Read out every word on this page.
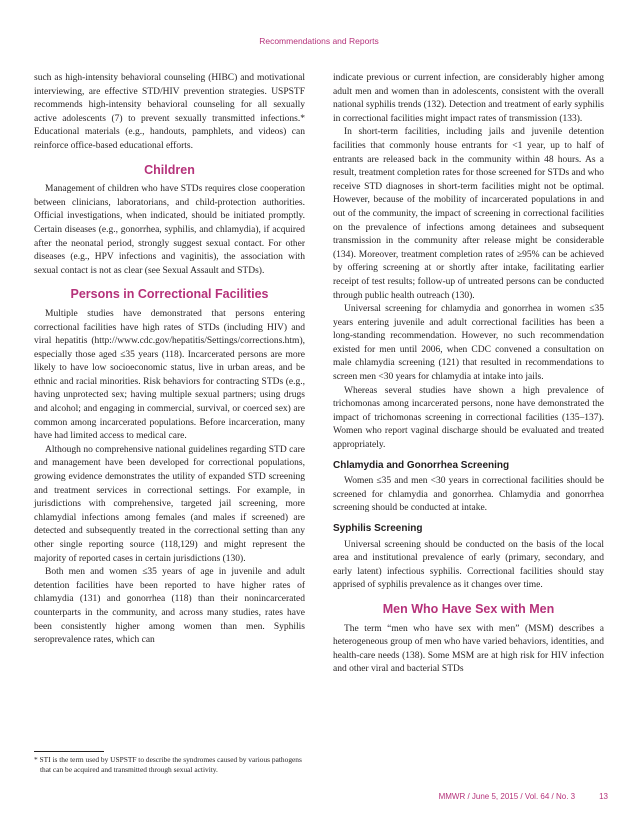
Recommendations and Reports

such as high-intensity behavioral counseling (HIBC) and motivational interviewing, are effective STD/HIV prevention strategies. USPSTF recommends high-intensity behavioral counseling for all sexually active adolescents (7) to prevent sexually transmitted infections.* Educational materials (e.g., handouts, pamphlets, and videos) can reinforce office-based educational efforts.

Children

Management of children who have STDs requires close cooperation between clinicians, laboratorians, and child-protection authorities. Official investigations, when indicated, should be initiated promptly. Certain diseases (e.g., gonorrhea, syphilis, and chlamydia), if acquired after the neonatal period, strongly suggest sexual contact. For other diseases (e.g., HPV infections and vaginitis), the association with sexual contact is not as clear (see Sexual Assault and STDs).

Persons in Correctional Facilities

Multiple studies have demonstrated that persons entering correctional facilities have high rates of STDs (including HIV) and viral hepatitis (http://www.cdc.gov/hepatitis/Settings/corrections.htm), especially those aged ≤35 years (118). Incarcerated persons are more likely to have low socioeconomic status, live in urban areas, and be ethnic and racial minorities. Risk behaviors for contracting STDs (e.g., having unprotected sex; having multiple sexual partners; using drugs and alcohol; and engaging in commercial, survival, or coerced sex) are common among incarcerated populations. Before incarceration, many have had limited access to medical care.

Although no comprehensive national guidelines regarding STD care and management have been developed for correctional populations, growing evidence demonstrates the utility of expanded STD screening and treatment services in correctional settings. For example, in jurisdictions with comprehensive, targeted jail screening, more chlamydial infections among females (and males if screened) are detected and subsequently treated in the correctional setting than any other single reporting source (118,129) and might represent the majority of reported cases in certain jurisdictions (130).

Both men and women ≤35 years of age in juvenile and adult detention facilities have been reported to have higher rates of chlamydia (131) and gonorrhea (118) than their nonincarcerated counterparts in the community, and across many studies, rates have been consistently higher among women than men. Syphilis seroprevalence rates, which can

* STI is the term used by USPSTF to describe the syndromes caused by various pathogens that can be acquired and transmitted through sexual activity.

indicate previous or current infection, are considerably higher among adult men and women than in adolescents, consistent with the overall national syphilis trends (132). Detection and treatment of early syphilis in correctional facilities might impact rates of transmission (133).

In short-term facilities, including jails and juvenile detention facilities that commonly house entrants for <1 year, up to half of entrants are released back in the community within 48 hours. As a result, treatment completion rates for those screened for STDs and who receive STD diagnoses in short-term facilities might not be optimal. However, because of the mobility of incarcerated populations in and out of the community, the impact of screening in correctional facilities on the prevalence of infections among detainees and subsequent transmission in the community after release might be considerable (134). Moreover, treatment completion rates of ≥95% can be achieved by offering screening at or shortly after intake, facilitating earlier receipt of test results; follow-up of untreated persons can be conducted through public health outreach (130).

Universal screening for chlamydia and gonorrhea in women ≤35 years entering juvenile and adult correctional facilities has been a long-standing recommendation. However, no such recommendation existed for men until 2006, when CDC convened a consultation on male chlamydia screening (121) that resulted in recommendations to screen men <30 years for chlamydia at intake into jails.

Whereas several studies have shown a high prevalence of trichomonas among incarcerated persons, none have demonstrated the impact of trichomonas screening in correctional facilities (135–137). Women who report vaginal discharge should be evaluated and treated appropriately.

Chlamydia and Gonorrhea Screening

Women ≤35 and men <30 years in correctional facilities should be screened for chlamydia and gonorrhea. Chlamydia and gonorrhea screening should be conducted at intake.

Syphilis Screening

Universal screening should be conducted on the basis of the local area and institutional prevalence of early (primary, secondary, and early latent) infectious syphilis. Correctional facilities should stay apprised of syphilis prevalence as it changes over time.

Men Who Have Sex with Men

The term “men who have sex with men” (MSM) describes a heterogeneous group of men who have varied behaviors, identities, and health-care needs (138). Some MSM are at high risk for HIV infection and other viral and bacterial STDs

MMWR / June 5, 2015 / Vol. 64 / No. 3	13
